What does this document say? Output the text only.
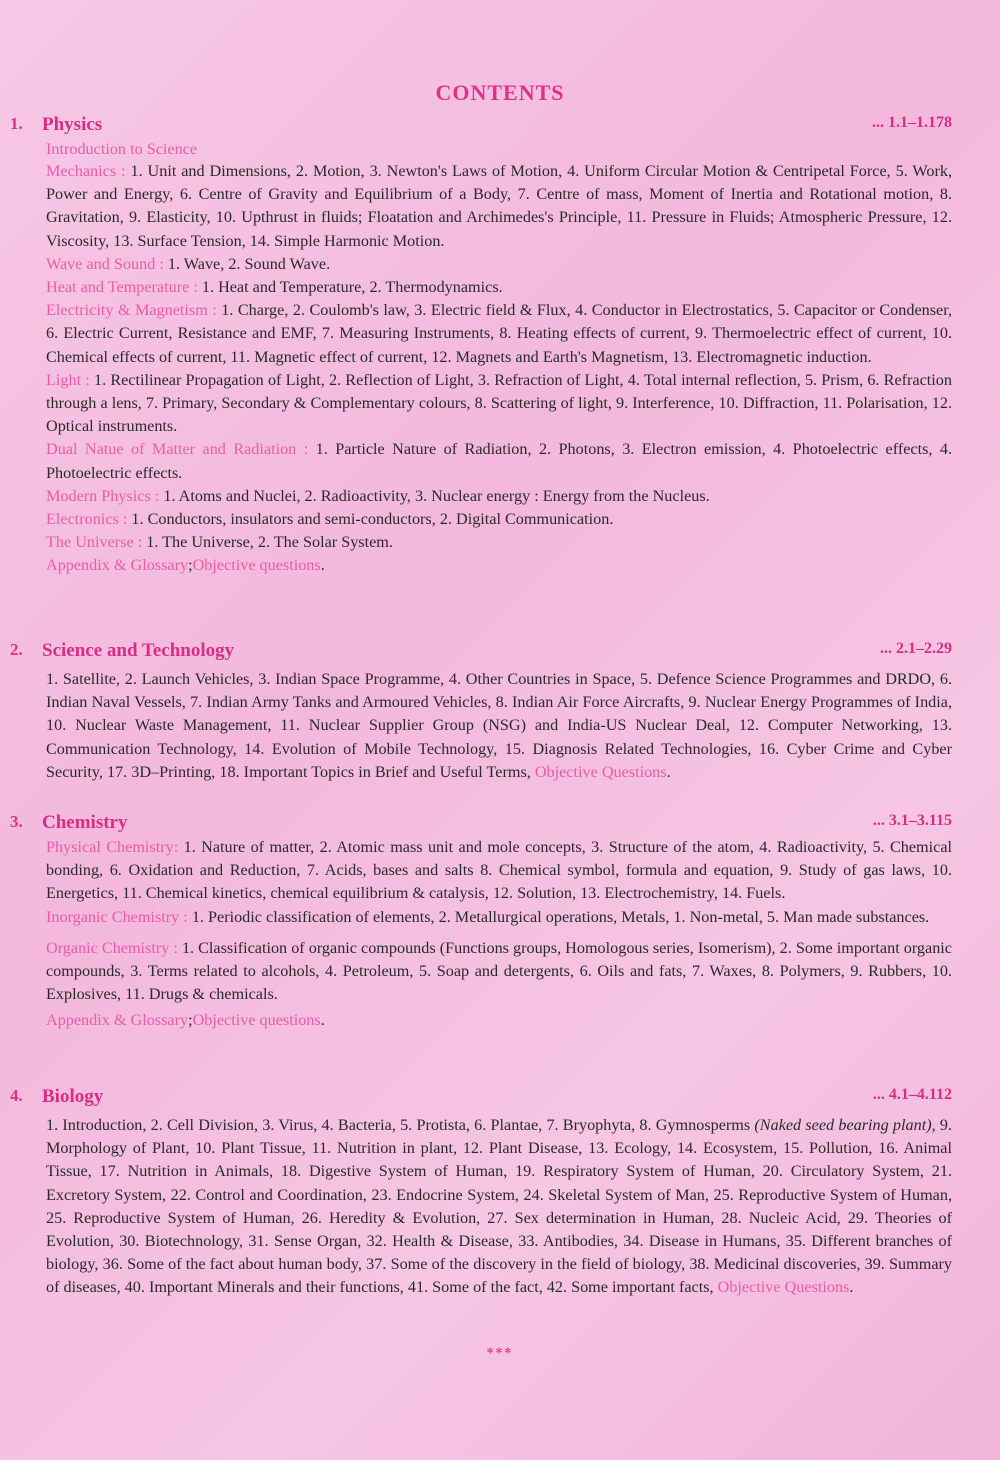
CONTENTS
1. Physics	... 1.1–1.178
Introduction to Science
Mechanics : 1. Unit and Dimensions, 2. Motion, 3. Newton's Laws of Motion, 4. Uniform Circular Motion & Centripetal Force, 5. Work, Power and Energy, 6. Centre of Gravity and Equilibrium of a Body, 7. Centre of mass, Moment of Inertia and Rotational motion, 8. Gravitation, 9. Elasticity, 10. Upthrust in fluids; Floatation and Archimedes's Principle, 11. Pressure in Fluids; Atmospheric Pressure, 12. Viscosity, 13. Surface Tension, 14. Simple Harmonic Motion.
Wave and Sound : 1. Wave, 2. Sound Wave.
Heat and Temperature : 1. Heat and Temperature, 2. Thermodynamics.
Electricity & Magnetism : 1. Charge, 2. Coulomb's law, 3. Electric field & Flux, 4. Conductor in Electrostatics, 5. Capacitor or Condenser, 6. Electric Current, Resistance and EMF, 7. Measuring Instruments, 8. Heating effects of current, 9. Thermoelectric effect of current, 10. Chemical effects of current, 11. Magnetic effect of current, 12. Magnets and Earth's Magnetism, 13. Electromagnetic induction.
Light : 1. Rectilinear Propagation of Light, 2. Reflection of Light, 3. Refraction of Light, 4. Total internal reflection, 5. Prism, 6. Refraction through a lens, 7. Primary, Secondary & Complementary colours, 8. Scattering of light, 9. Interference, 10. Diffraction, 11. Polarisation, 12. Optical instruments.
Dual Natue of Matter and Radiation : 1. Particle Nature of Radiation, 2. Photons, 3. Electron emission, 4. Photoelectric effects, 4. Photoelectric effects.
Modern Physics : 1. Atoms and Nuclei, 2. Radioactivity, 3. Nuclear energy : Energy from the Nucleus.
Electronics : 1. Conductors, insulators and semi-conductors, 2. Digital Communication.
The Universe : 1. The Universe, 2. The Solar System.
Appendix & Glossary;Objective questions.
2. Science and Technology	... 2.1–2.29
1. Satellite, 2. Launch Vehicles, 3. Indian Space Programme, 4. Other Countries in Space, 5. Defence Science Programmes and DRDO, 6. Indian Naval Vessels, 7. Indian Army Tanks and Armoured Vehicles, 8. Indian Air Force Aircrafts, 9. Nuclear Energy Programmes of India, 10. Nuclear Waste Management, 11. Nuclear Supplier Group (NSG) and India-US Nuclear Deal, 12. Computer Networking, 13. Communication Technology, 14. Evolution of Mobile Technology, 15. Diagnosis Related Technologies, 16. Cyber Crime and Cyber Security, 17. 3D–Printing, 18. Important Topics in Brief and Useful Terms, Objective Questions.
3. Chemistry	... 3.1–3.115
Physical Chemistry: 1. Nature of matter, 2. Atomic mass unit and mole concepts, 3. Structure of the atom, 4. Radioactivity, 5. Chemical bonding, 6. Oxidation and Reduction, 7. Acids, bases and salts 8. Chemical symbol, formula and equation, 9. Study of gas laws, 10. Energetics, 11. Chemical kinetics, chemical equilibrium & catalysis, 12. Solution, 13. Electrochemistry, 14. Fuels.
Inorganic Chemistry : 1. Periodic classification of elements, 2. Metallurgical operations, Metals, 1. Non-metal, 5. Man made substances.
Organic Chemistry : 1. Classification of organic compounds (Functions groups, Homologous series, Isomerism), 2. Some important organic compounds, 3. Terms related to alcohols, 4. Petroleum, 5. Soap and detergents, 6. Oils and fats, 7. Waxes, 8. Polymers, 9. Rubbers, 10. Explosives, 11. Drugs & chemicals.
Appendix & Glossary;Objective questions.
4. Biology	... 4.1–4.112
1. Introduction, 2. Cell Division, 3. Virus, 4. Bacteria, 5. Protista, 6. Plantae, 7. Bryophyta, 8. Gymnosperms (Naked seed bearing plant), 9. Morphology of Plant, 10. Plant Tissue, 11. Nutrition in plant, 12. Plant Disease, 13. Ecology, 14. Ecosystem, 15. Pollution, 16. Animal Tissue, 17. Nutrition in Animals, 18. Digestive System of Human, 19. Respiratory System of Human, 20. Circulatory System, 21. Excretory System, 22. Control and Coordination, 23. Endocrine System, 24. Skeletal System of Man, 25. Reproductive System of Human, 25. Reproductive System of Human, 26. Heredity & Evolution, 27. Sex determination in Human, 28. Nucleic Acid, 29. Theories of Evolution, 30. Biotechnology, 31. Sense Organ, 32. Health & Disease, 33. Antibodies, 34. Disease in Humans, 35. Different branches of biology, 36. Some of the fact about human body, 37. Some of the discovery in the field of biology, 38. Medicinal discoveries, 39. Summary of diseases, 40. Important Minerals and their functions, 41. Some of the fact, 42. Some important facts, Objective Questions.
***
